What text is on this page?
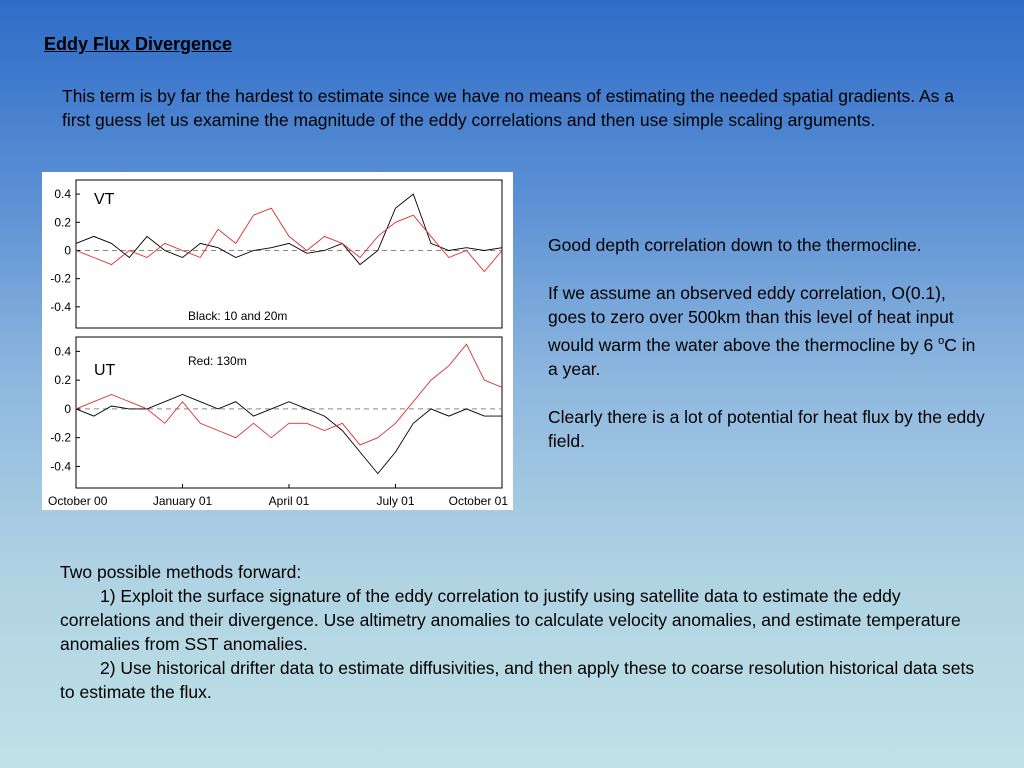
Eddy Flux Divergence
This term is by far the hardest to estimate since we have no means of estimating the needed spatial gradients. As a first guess let us examine the magnitude of the eddy correlations and then use simple scaling arguments.
0.4
0.2
0
-0.2
-0.4
VT
Black: 10 and 20m
0.4
0.2
0
-0.2
-0.4
October 00	January 01	April 01	July 01	October 01
UT
Red: 130m

Good depth correlation down to the thermocline.

If we assume an observed eddy correlation, O(0.1), goes to zero over 500km than this level of heat input would warm the water above the thermocline by 6 $^o$C in a year.

Clearly there is a lot of potential for heat flux by the eddy field.

Two possible methods forward:

1) Exploit the surface signature of the eddy correlation to justify using satellite data to estimate the eddy correlations and their divergence. Use altimetry anomalies to calculate velocity anomalies, and estimate temperature anomalies from SST anomalies.

2) Use historical drifter data to estimate diffusivities, and then apply these to coarse resolution historical data sets to estimate the flux.
